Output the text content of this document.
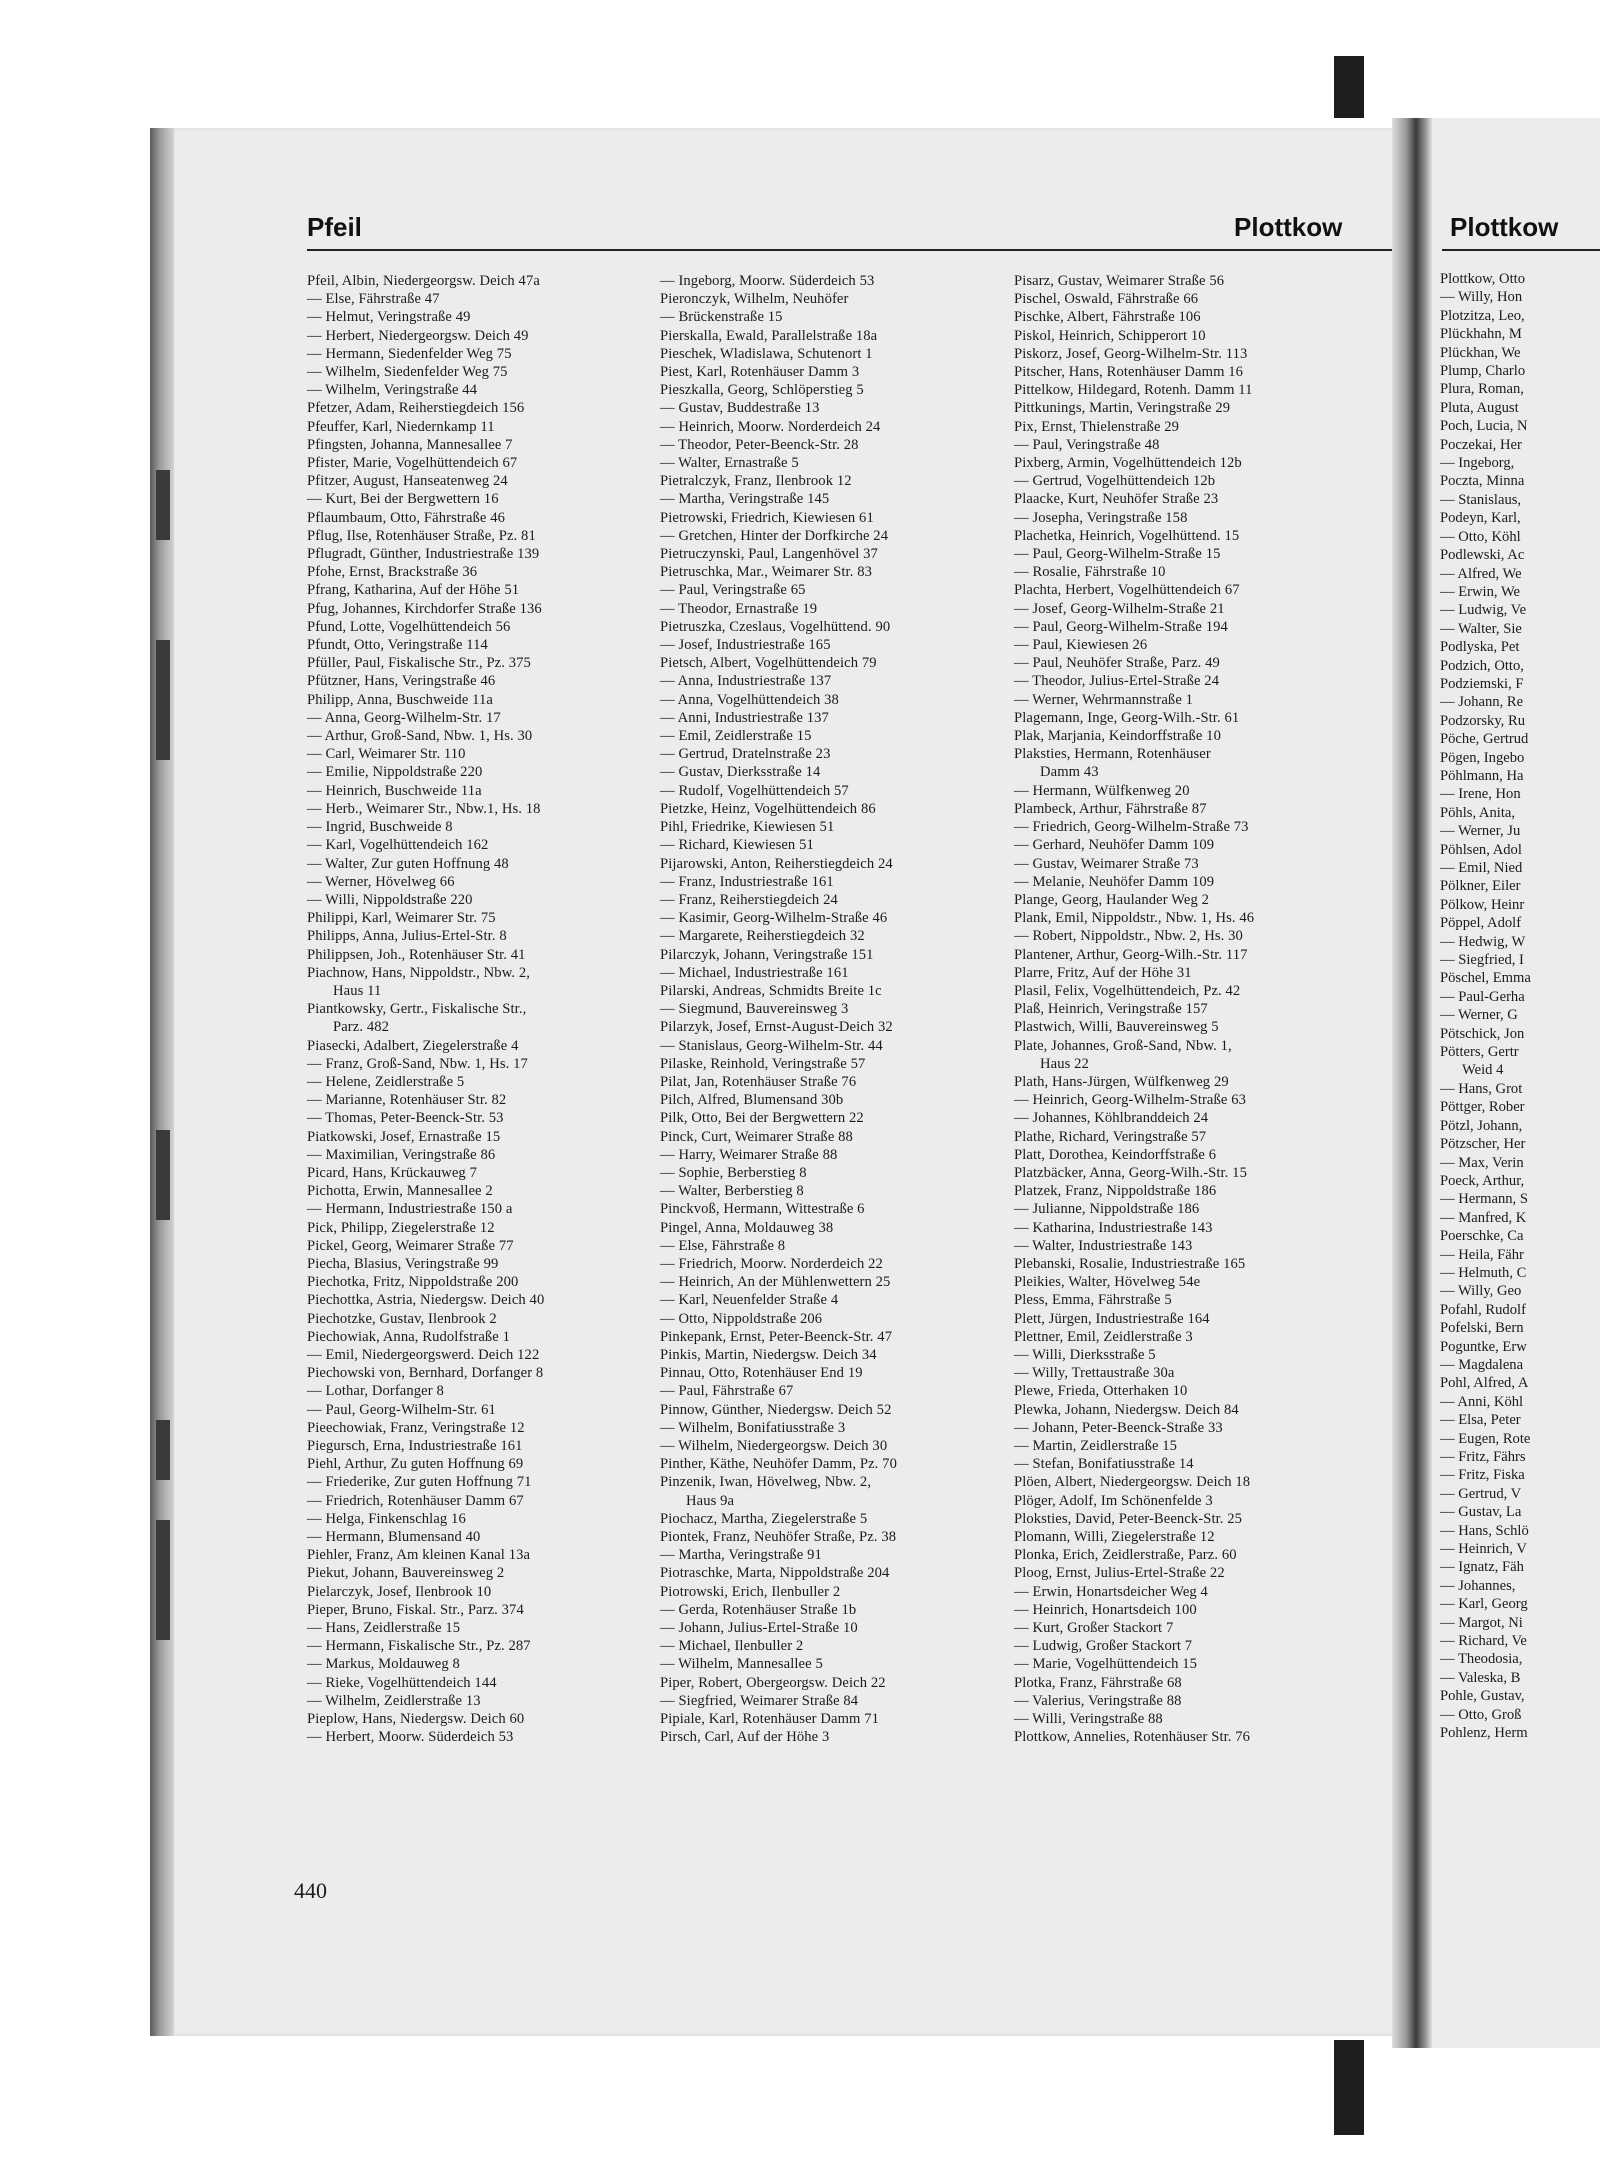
Pfeil	Plottkow
Pfeil, Albin, Niedergeorgsw. Deich 47a
— Else, Fährstraße 47
— Helmut, Veringstraße 49
— Herbert, Niedergeorgsw. Deich 49
— Hermann, Siedenfelder Weg 75
— Wilhelm, Siedenfelder Weg 75
— Wilhelm, Veringstraße 44
Pfetzer, Adam, Reiherstiegdeich 156
Pfeuffer, Karl, Niedernkamp 11
Pfingsten, Johanna, Mannesallee 7
Pfister, Marie, Vogelhüttendeich 67
Pfitzer, August, Hanseatenweg 24
— Kurt, Bei der Bergwettern 16
Pflaumbaum, Otto, Fährstraße 46
Pflug, Ilse, Rotenhäuser Straße, Pz. 81
Pflugradt, Günther, Industriestraße 139
Pfohe, Ernst, Brackstraße 36
Pfrang, Katharina, Auf der Höhe 51
Pfug, Johannes, Kirchdorfer Straße 136
Pfund, Lotte, Vogelhüttendeich 56
Pfundt, Otto, Veringstraße 114
Pfüller, Paul, Fiskalische Str., Pz. 375
Pfützner, Hans, Veringstraße 46
Philipp, Anna, Buschweide 11a
— Anna, Georg-Wilhelm-Str. 17
— Arthur, Groß-Sand, Nbw. 1, Hs. 30
— Carl, Weimarer Str. 110
— Emilie, Nippoldstraße 220
— Heinrich, Buschweide 11a
— Herb., Weimarer Str., Nbw.1, Hs. 18
— Ingrid, Buschweide 8
— Karl, Vogelhüttendeich 162
— Walter, Zur guten Hoffnung 48
— Werner, Hövelweg 66
— Willi, Nippoldstraße 220
Philippi, Karl, Weimarer Str. 75
Philipps, Anna, Julius-Ertel-Str. 8
Philippsen, Joh., Rotenhäuser Str. 41
Piachnow, Hans, Nippoldstr., Nbw. 2,
Haus 11
Piantkowsky, Gertr., Fiskalische Str.,
Parz. 482
Piasecki, Adalbert, Ziegelerstraße 4
— Franz, Groß-Sand, Nbw. 1, Hs. 17
— Helene, Zeidlerstraße 5
— Marianne, Rotenhäuser Str. 82
— Thomas, Peter-Beenck-Str. 53
Piatkowski, Josef, Ernastraße 15
— Maximilian, Veringstraße 86
Picard, Hans, Krückauweg 7
Pichotta, Erwin, Mannesallee 2
— Hermann, Industriestraße 150 a
Pick, Philipp, Ziegelerstraße 12
Pickel, Georg, Weimarer Straße 77
Piecha, Blasius, Veringstraße 99
Piechotka, Fritz, Nippoldstraße 200
Piechottka, Astria, Niedergsw. Deich 40
Piechotzke, Gustav, Ilenbrook 2
Piechowiak, Anna, Rudolfstraße 1
— Emil, Niedergeorgswerd. Deich 122
Piechowski von, Bernhard, Dorfanger 8
— Lothar, Dorfanger 8
— Paul, Georg-Wilhelm-Str. 61
Pieechowiak, Franz, Veringstraße 12
Piegursch, Erna, Industriestraße 161
Piehl, Arthur, Zu guten Hoffnung 69
— Friederike, Zur guten Hoffnung 71
— Friedrich, Rotenhäuser Damm 67
— Helga, Finkenschlag 16
— Hermann, Blumensand 40
Piehler, Franz, Am kleinen Kanal 13a
Piekut, Johann, Bauvereinsweg 2
Pielarczyk, Josef, Ilenbrook 10
Pieper, Bruno, Fiskal. Str., Parz. 374
— Hans, Zeidlerstraße 15
— Hermann, Fiskalische Str., Pz. 287
— Markus, Moldauweg 8
— Rieke, Vogelhüttendeich 144
— Wilhelm, Zeidlerstraße 13
Pieplow, Hans, Niedergsw. Deich 60
— Herbert, Moorw. Süderdeich 53
— Ingeborg, Moorw. Süderdeich 53
Pieronczyk, Wilhelm, Neuhöfer
— Brückenstraße 15
Pierskalla, Ewald, Parallelstraße 18a
Pieschek, Wladislawa, Schutenort 1
Piest, Karl, Rotenhäuser Damm 3
Pieszkalla, Georg, Schlöperstieg 5
— Gustav, Buddestraße 13
— Heinrich, Moorw. Norderdeich 24
— Theodor, Peter-Beenck-Str. 28
— Walter, Ernastraße 5
Pietralczyk, Franz, Ilenbrook 12
— Martha, Veringstraße 145
Pietrowski, Friedrich, Kiewiesen 61
— Gretchen, Hinter der Dorfkirche 24
Pietruczynski, Paul, Langenhövel 37
Pietruschka, Mar., Weimarer Str. 83
— Paul, Veringstraße 65
— Theodor, Ernastraße 19
Pietruszka, Czeslaus, Vogelhüttend. 90
— Josef, Industriestraße 165
Pietsch, Albert, Vogelhüttendeich 79
— Anna, Industriestraße 137
— Anna, Vogelhüttendeich 38
— Anni, Industriestraße 137
— Emil, Zeidlerstraße 15
— Gertrud, Dratelnstraße 23
— Gustav, Dierksstraße 14
— Rudolf, Vogelhüttendeich 57
Pietzke, Heinz, Vogelhüttendeich 86
Pihl, Friedrike, Kiewiesen 51
— Richard, Kiewiesen 51
Pijarowski, Anton, Reiherstiegdeich 24
— Franz, Industriestraße 161
— Franz, Reiherstiegdeich 24
— Kasimir, Georg-Wilhelm-Straße 46
— Margarete, Reiherstiegdeich 32
Pilarczyk, Johann, Veringstraße 151
— Michael, Industriestraße 161
Pilarski, Andreas, Schmidts Breite 1c
— Siegmund, Bauvereinsweg 3
Pilarzyk, Josef, Ernst-August-Deich 32
— Stanislaus, Georg-Wilhelm-Str. 44
Pilaske, Reinhold, Veringstraße 57
Pilat, Jan, Rotenhäuser Straße 76
Pilch, Alfred, Blumensand 30b
Pilk, Otto, Bei der Bergwettern 22
Pinck, Curt, Weimarer Straße 88
— Harry, Weimarer Straße 88
— Sophie, Berberstieg 8
— Walter, Berberstieg 8
Pinckvoß, Hermann, Wittestraße 6
Pingel, Anna, Moldauweg 38
— Else, Fährstraße 8
— Friedrich, Moorw. Norderdeich 22
— Heinrich, An der Mühlenwettern 25
— Karl, Neuenfelder Straße 4
— Otto, Nippoldstraße 206
Pinkepank, Ernst, Peter-Beenck-Str. 47
Pinkis, Martin, Niedergsw. Deich 34
Pinnau, Otto, Rotenhäuser End 19
— Paul, Fährstraße 67
Pinnow, Günther, Niedergsw. Deich 52
— Wilhelm, Bonifatiusstraße 3
— Wilhelm, Niedergeorgsw. Deich 30
Pinther, Käthe, Neuhöfer Damm, Pz. 70
Pinzenik, Iwan, Hövelweg, Nbw. 2,
Haus 9a
Piochacz, Martha, Ziegelerstraße 5
Piontek, Franz, Neuhöfer Straße, Pz. 38
— Martha, Veringstraße 91
Piotraschke, Marta, Nippoldstraße 204
Piotrowski, Erich, Ilenbuller 2
— Gerda, Rotenhäuser Straße 1b
— Johann, Julius-Ertel-Straße 10
— Michael, Ilenbuller 2
— Wilhelm, Mannesallee 5
Piper, Robert, Obergeorgsw. Deich 22
— Siegfried, Weimarer Straße 84
Pipiale, Karl, Rotenhäuser Damm 71
Pirsch, Carl, Auf der Höhe 3
Pisarz, Gustav, Weimarer Straße 56
Pischel, Oswald, Fährstraße 66
Pischke, Albert, Fährstraße 106
Piskol, Heinrich, Schipperort 10
Piskorz, Josef, Georg-Wilhelm-Str. 113
Pitscher, Hans, Rotenhäuser Damm 16
Pittelkow, Hildegard, Rotenh. Damm 11
Pittkunings, Martin, Veringstraße 29
Pix, Ernst, Thielenstraße 29
— Paul, Veringstraße 48
Pixberg, Armin, Vogelhüttendeich 12b
— Gertrud, Vogelhüttendeich 12b
Plaacke, Kurt, Neuhöfer Straße 23
— Josepha, Veringstraße 158
Plachetka, Heinrich, Vogelhüttend. 15
— Paul, Georg-Wilhelm-Straße 15
— Rosalie, Fährstraße 10
Plachta, Herbert, Vogelhüttendeich 67
— Josef, Georg-Wilhelm-Straße 21
— Paul, Georg-Wilhelm-Straße 194
— Paul, Kiewiesen 26
— Paul, Neuhöfer Straße, Parz. 49
— Theodor, Julius-Ertel-Straße 24
— Werner, Wehrmannstraße 1
Plagemann, Inge, Georg-Wilh.-Str. 61
Plak, Marjania, Keindorffstraße 10
Plaksties, Hermann, Rotenhäuser
Damm 43
— Hermann, Wülfkenweg 20
Plambeck, Arthur, Fährstraße 87
— Friedrich, Georg-Wilhelm-Straße 73
— Gerhard, Neuhöfer Damm 109
— Gustav, Weimarer Straße 73
— Melanie, Neuhöfer Damm 109
Plange, Georg, Haulander Weg 2
Plank, Emil, Nippoldstr., Nbw. 1, Hs. 46
— Robert, Nippoldstr., Nbw. 2, Hs. 30
Plantener, Arthur, Georg-Wilh.-Str. 117
Plarre, Fritz, Auf der Höhe 31
Plasil, Felix, Vogelhüttendeich, Pz. 42
Plaß, Heinrich, Veringstraße 157
Plastwich, Willi, Bauvereinsweg 5
Plate, Johannes, Groß-Sand, Nbw. 1,
Haus 22
Plath, Hans-Jürgen, Wülfkenweg 29
— Heinrich, Georg-Wilhelm-Straße 63
— Johannes, Köhlbranddeich 24
Plathe, Richard, Veringstraße 57
Platt, Dorothea, Keindorffstraße 6
Platzbäcker, Anna, Georg-Wilh.-Str. 15
Platzek, Franz, Nippoldstraße 186
— Julianne, Nippoldstraße 186
— Katharina, Industriestraße 143
— Walter, Industriestraße 143
Plebanski, Rosalie, Industriestraße 165
Pleikies, Walter, Hövelweg 54e
Pless, Emma, Fährstraße 5
Plett, Jürgen, Industriestraße 164
Plettner, Emil, Zeidlerstraße 3
— Willi, Dierksstraße 5
— Willy, Trettaustraße 30a
Plewe, Frieda, Otterhaken 10
Plewka, Johann, Niedergsw. Deich 84
— Johann, Peter-Beenck-Straße 33
— Martin, Zeidlerstraße 15
— Stefan, Bonifatiusstraße 14
Plöen, Albert, Niedergeorgsw. Deich 18
Plöger, Adolf, Im Schönenfelde 3
Ploksties, David, Peter-Beenck-Str. 25
Plomann, Willi, Ziegelerstraße 12
Plonka, Erich, Zeidlerstraße, Parz. 60
Ploog, Ernst, Julius-Ertel-Straße 22
— Erwin, Honartsdeicher Weg 4
— Heinrich, Honartsdeich 100
— Kurt, Großer Stackort 7
— Ludwig, Großer Stackort 7
— Marie, Vogelhüttendeich 15
Plotka, Franz, Fährstraße 68
— Valerius, Veringstraße 88
— Willi, Veringstraße 88
Plottkow, Annelies, Rotenhäuser Str. 76
440
Plottkow
Plottkow, Otto
— Willy, Hon
Plotzitza, Leo,
Plückhahn, M
Plückhan, We
Plump, Charlo
Plura, Roman,
Pluta, August
Poch, Lucia, N
Poczekai, Her
— Ingeborg,
Poczta, Minna
— Stanislaus,
Podeyn, Karl,
— Otto, Köhl
Podlewski, Ac
— Alfred, We
— Erwin, We
— Ludwig, Ve
— Walter, Sie
Podlyska, Pet
Podzich, Otto,
Podziemski, F
— Johann, Re
Podzorsky, Ru
Pöche, Gertrud
Pögen, Ingebo
Pöhlmann, Ha
— Irene, Hon
Pöhls, Anita,
— Werner, Ju
Pöhlsen, Adol
— Emil, Nied
Pölkner, Eiler
Pölkow, Heinr
Pöppel, Adolf
— Hedwig, W
— Siegfried, I
Pöschel, Emma
— Paul-Gerha
— Werner, G
Pötschick, Jon
Pötters, Gertr
Weid 4
— Hans, Grot
Pöttger, Rober
Pötzl, Johann,
Pötzscher, Her
— Max, Verin
Poeck, Arthur,
— Hermann, S
— Manfred, K
Poerschke, Ca
— Heila, Fähr
— Helmuth, C
— Willy, Geo
Pofahl, Rudolf
Pofelski, Bern
Poguntke, Erw
— Magdalena
Pohl, Alfred, A
— Anni, Köhl
— Elsa, Peter
— Eugen, Rote
— Fritz, Fährs
— Fritz, Fiska
— Gertrud, V
— Gustav, La
— Hans, Schlö
— Heinrich, V
— Ignatz, Fäh
— Johannes,
— Karl, Georg
— Margot, Ni
— Richard, Ve
— Theodosia,
— Valeska, B
Pohle, Gustav,
— Otto, Groß
Pohlenz, Herm
